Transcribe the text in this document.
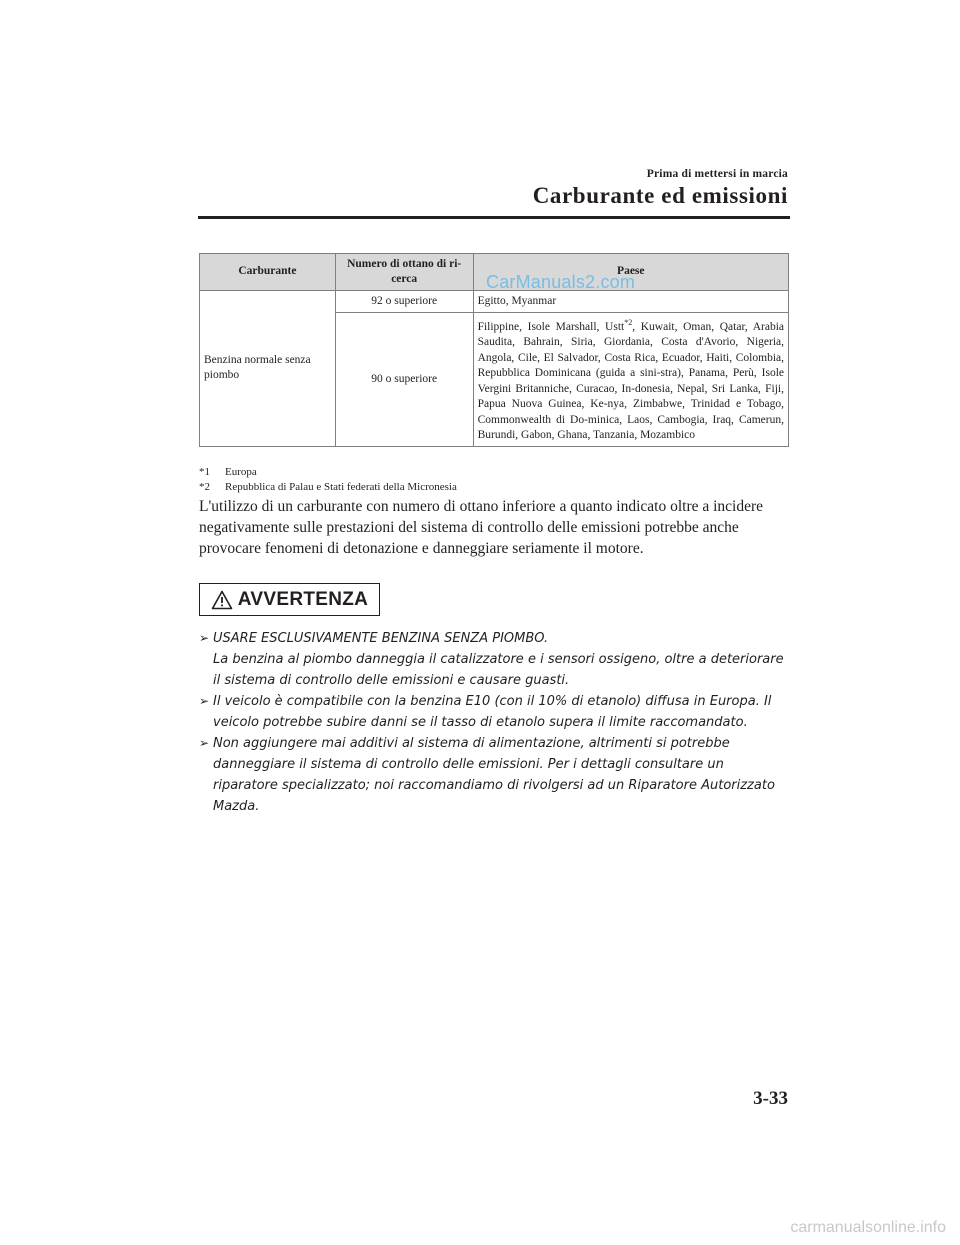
Prima di mettersi in marcia
Carburante ed emissioni
Carburante	Numero di ottano di ri-cerca	Paese
Benzina normale senza piombo	92 o superiore	Egitto, Myanmar
	90 o superiore	Filippine, Isole Marshall, Ustt$^{*2}$, Kuwait, Oman, Qatar, Arabia Saudita, Bahrain, Siria, Giordania, Costa d'Avorio, Nigeria, Angola, Cile, El Salvador, Costa Rica, Ecuador, Haiti, Colombia, Repubblica Dominicana (guida a sini-stra), Panama, Perù, Isole Vergini Britanniche, Curacao, In-donesia, Nepal, Sri Lanka, Fiji, Papua Nuova Guinea, Ke-nya, Zimbabwe, Trinidad e Tobago, Commonwealth di Do-minica, Laos, Cambogia, Iraq, Camerun, Burundi, Gabon, Ghana, Tanzania, Mozambico
CarManuals2.com
*1 Europa
*2 Repubblica di Palau e Stati federati della Micronesia
L'utilizzo di un carburante con numero di ottano inferiore a quanto indicato oltre a incidere negativamente sulle prestazioni del sistema di controllo delle emissioni potrebbe anche provocare fenomeni di detonazione e danneggiare seriamente il motore.
AVVERTENZA
➢ USARE ESCLUSIVAMENTE BENZINA SENZA PIOMBO.
La benzina al piombo danneggia il catalizzatore e i sensori ossigeno, oltre a deteriorare il sistema di controllo delle emissioni e causare guasti.
➢ Il veicolo è compatibile con la benzina E10 (con il 10% di etanolo) diffusa in Europa. Il veicolo potrebbe subire danni se il tasso di etanolo supera il limite raccomandato.
➢ Non aggiungere mai additivi al sistema di alimentazione, altrimenti si potrebbe danneggiare il sistema di controllo delle emissioni. Per i dettagli consultare un riparatore specializzato; noi raccomandiamo di rivolgersi ad un Riparatore Autorizzato Mazda.
3-33
carmanualsonline.info
